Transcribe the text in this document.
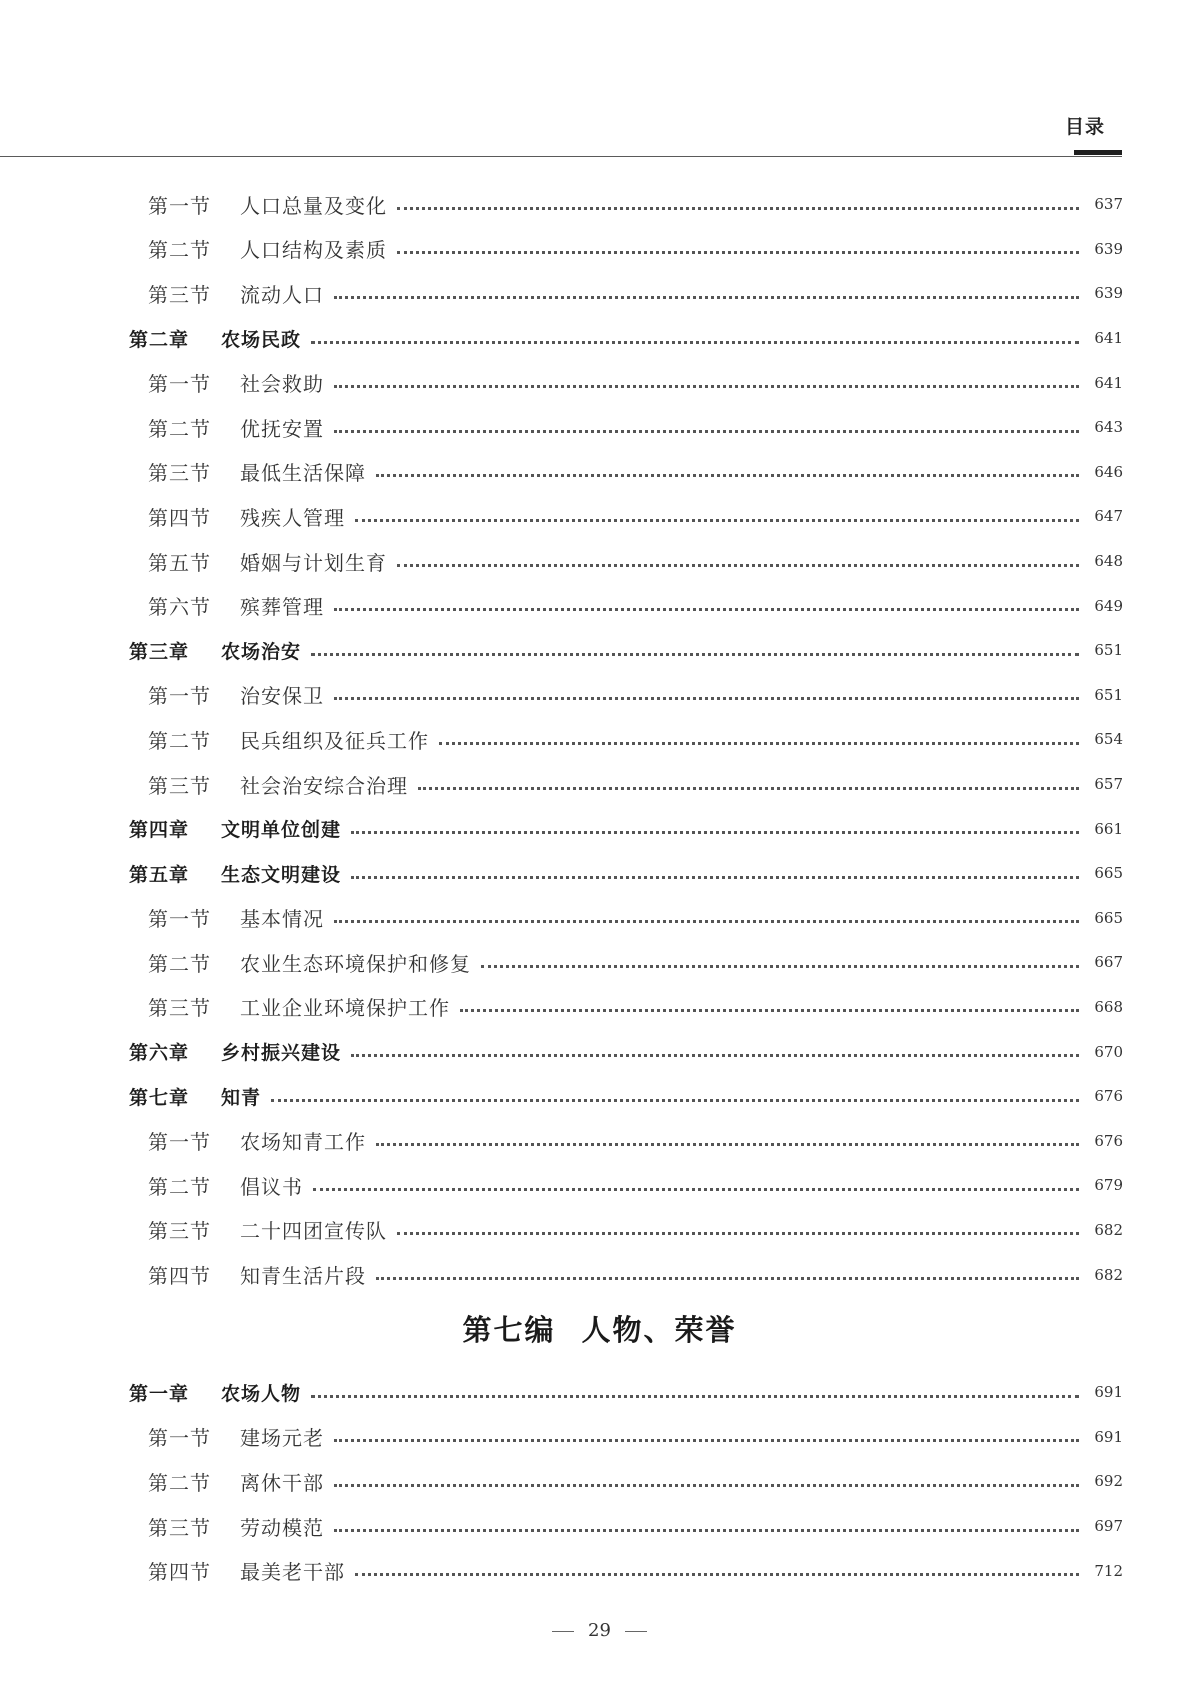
目录
第一节	人口总量及变化	637
第二节	人口结构及素质	639
第三节	流动人口	639
第二章	农场民政	641
第一节	社会救助	641
第二节	优抚安置	643
第三节	最低生活保障	646
第四节	残疾人管理	647
第五节	婚姻与计划生育	648
第六节	殡葬管理	649
第三章	农场治安	651
第一节	治安保卫	651
第二节	民兵组织及征兵工作	654
第三节	社会治安综合治理	657
第四章	文明单位创建	661
第五章	生态文明建设	665
第一节	基本情况	665
第二节	农业生态环境保护和修复	667
第三节	工业企业环境保护工作	668
第六章	乡村振兴建设	670
第七章	知青	676
第一节	农场知青工作	676
第二节	倡议书	679
第三节	二十四团宣传队	682
第四节	知青生活片段	682
第七编 人物、荣誉
第一章	农场人物	691
第一节	建场元老	691
第二节	离休干部	692
第三节	劳动模范	697
第四节	最美老干部	712
29
